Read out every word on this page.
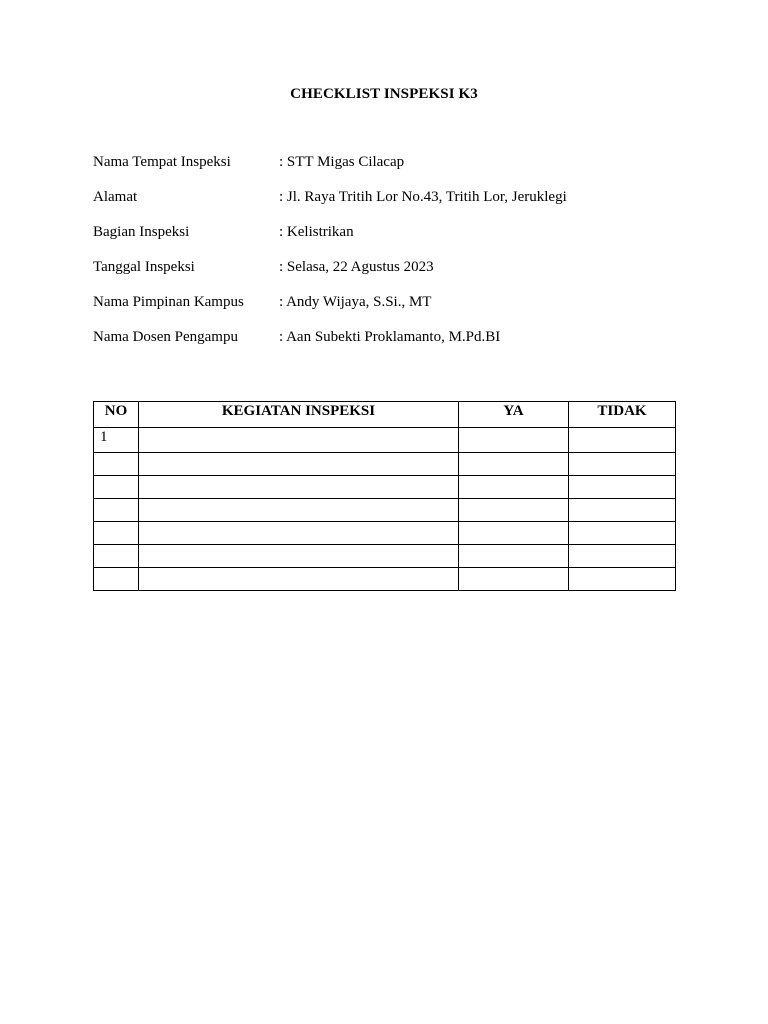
CHECKLIST INSPEKSI K3
Nama Tempat Inspeksi	: STT Migas Cilacap
Alamat	: Jl. Raya Tritih Lor No.43, Tritih Lor, Jeruklegi
Bagian Inspeksi	: Kelistrikan
Tanggal Inspeksi	: Selasa, 22 Agustus 2023
Nama Pimpinan Kampus	: Andy Wijaya, S.Si., MT
Nama Dosen Pengampu	: Aan Subekti Proklamanto, M.Pd.BI
NO	KEGIATAN INSPEKSI	YA	TIDAK
1			
